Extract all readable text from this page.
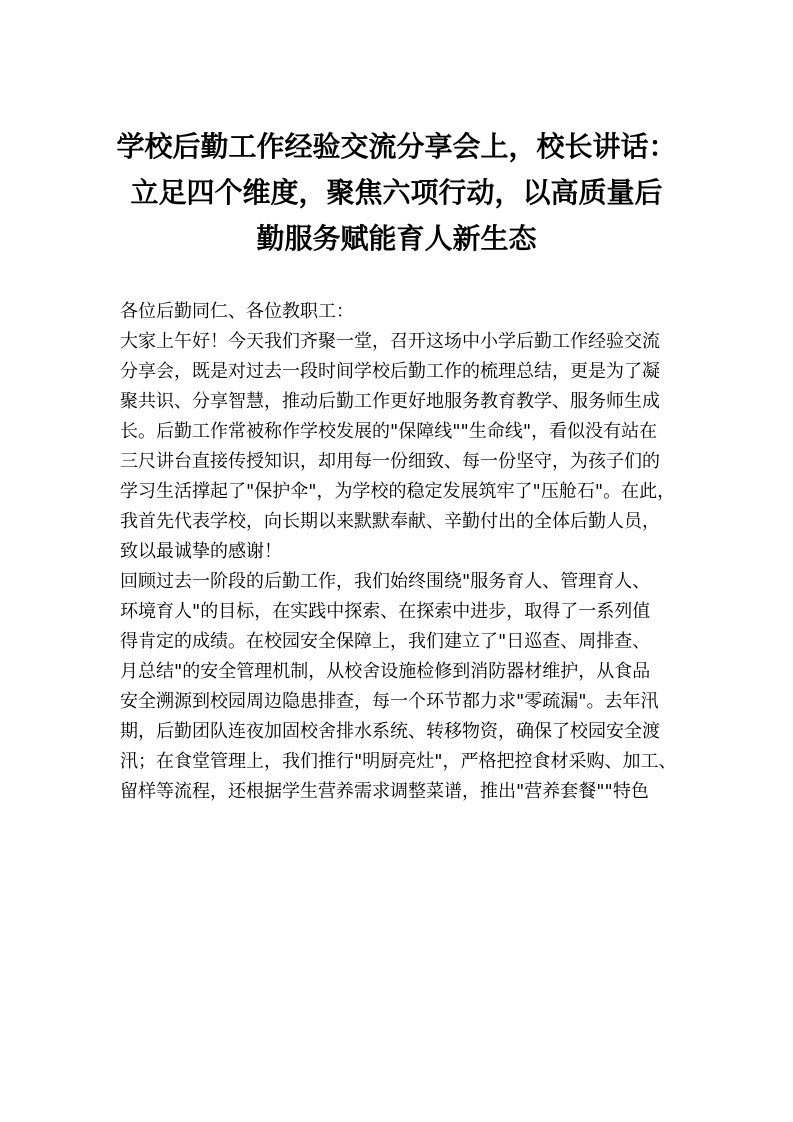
学校后勤工作经验交流分享会上，校长讲话：
立足四个维度，聚焦六项行动，以高质量后
勤服务赋能育人新生态

各位后勤同仁、各位教职工：

大家上午好！今天我们齐聚一堂，召开这场中小学后勤工作经验交流
分享会，既是对过去一段时间学校后勤工作的梳理总结，更是为了凝
聚共识、分享智慧，推动后勤工作更好地服务教育教学、服务师生成
长。后勤工作常被称作学校发展的"保障线""生命线"，看似没有站在
三尺讲台直接传授知识，却用每一份细致、每一份坚守，为孩子们的
学习生活撑起了"保护伞"，为学校的稳定发展筑牢了"压舱石"。在此，
我首先代表学校，向长期以来默默奉献、辛勤付出的全体后勤人员，
致以最诚挚的感谢！

回顾过去一阶段的后勤工作，我们始终围绕"服务育人、管理育人、
环境育人"的目标，在实践中探索、在探索中进步，取得了一系列值
得肯定的成绩。在校园安全保障上，我们建立了"日巡查、周排查、
月总结"的安全管理机制，从校舍设施检修到消防器材维护，从食品
安全溯源到校园周边隐患排查，每一个环节都力求"零疏漏"。去年汛
期，后勤团队连夜加固校舍排水系统、转移物资，确保了校园安全渡
汛；在食堂管理上，我们推行"明厨亮灶"，严格把控食材采购、加工、
留样等流程，还根据学生营养需求调整菜谱，推出"营养套餐""特色
